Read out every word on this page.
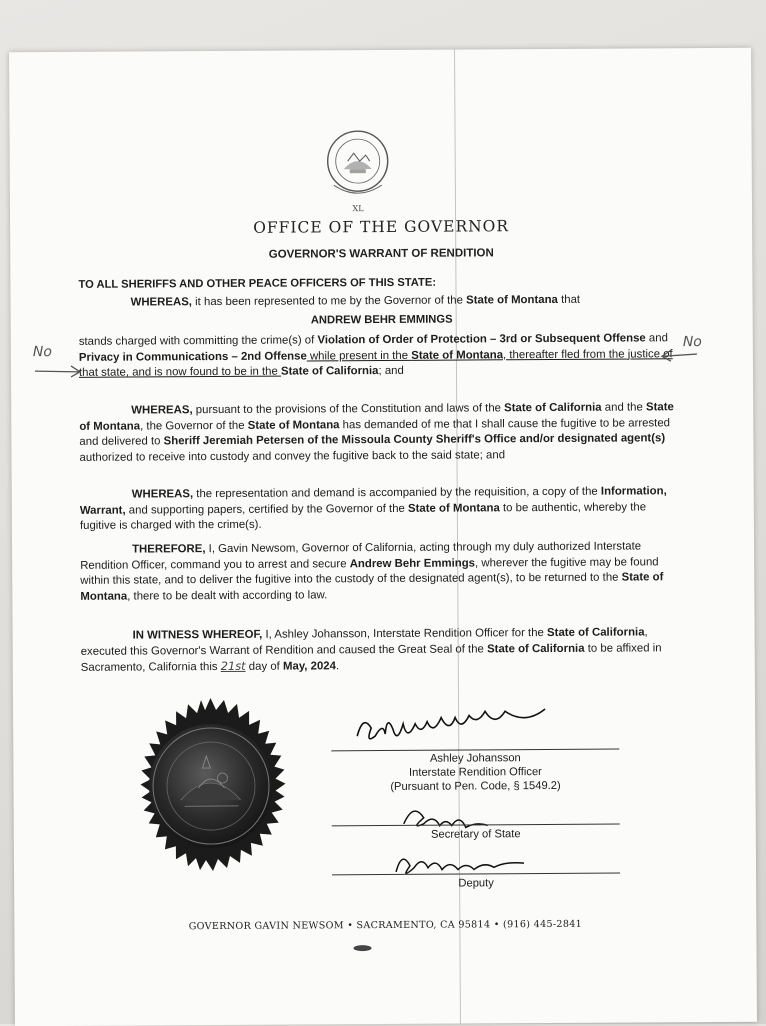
XL
OFFICE OF THE GOVERNOR
GOVERNOR'S WARRANT OF RENDITION
TO ALL SHERIFFS AND OTHER PEACE OFFICERS OF THIS STATE:
WHEREAS, it has been represented to me by the Governor of the State of Montana that
ANDREW BEHR EMMINGS
stands charged with committing the crime(s) of Violation of Order of Protection – 3rd or Subsequent Offense and Privacy in Communications – 2nd Offense while present in the State of Montana, thereafter fled from the justice of that state, and is now found to be in the State of California; and
WHEREAS, pursuant to the provisions of the Constitution and laws of the State of California and the State of Montana, the Governor of the State of Montana has demanded of me that I shall cause the fugitive to be arrested and delivered to Sheriff Jeremiah Petersen of the Missoula County Sheriff's Office and/or designated agent(s) authorized to receive into custody and convey the fugitive back to the said state; and
WHEREAS, the representation and demand is accompanied by the requisition, a copy of the Information, Warrant, and supporting papers, certified by the Governor of the State of Montana to be authentic, whereby the fugitive is charged with the crime(s).
THEREFORE, I, Gavin Newsom, Governor of California, acting through my duly authorized Interstate Rendition Officer, command you to arrest and secure Andrew Behr Emmings, wherever the fugitive may be found within this state, and to deliver the fugitive into the custody of the designated agent(s), to be returned to the State of Montana, there to be dealt with according to law.
IN WITNESS WHEREOF, I, Ashley Johansson, Interstate Rendition Officer for the State of California, executed this Governor's Warrant of Rendition and caused the Great Seal of the State of California to be affixed in Sacramento, California this 21st day of May, 2024.
No
No
Ashley Johansson
Interstate Rendition Officer
(Pursuant to Pen. Code, § 1549.2)
Secretary of State
Deputy
GOVERNOR GAVIN NEWSOM • SACRAMENTO, CA 95814 • (916) 445-2841
